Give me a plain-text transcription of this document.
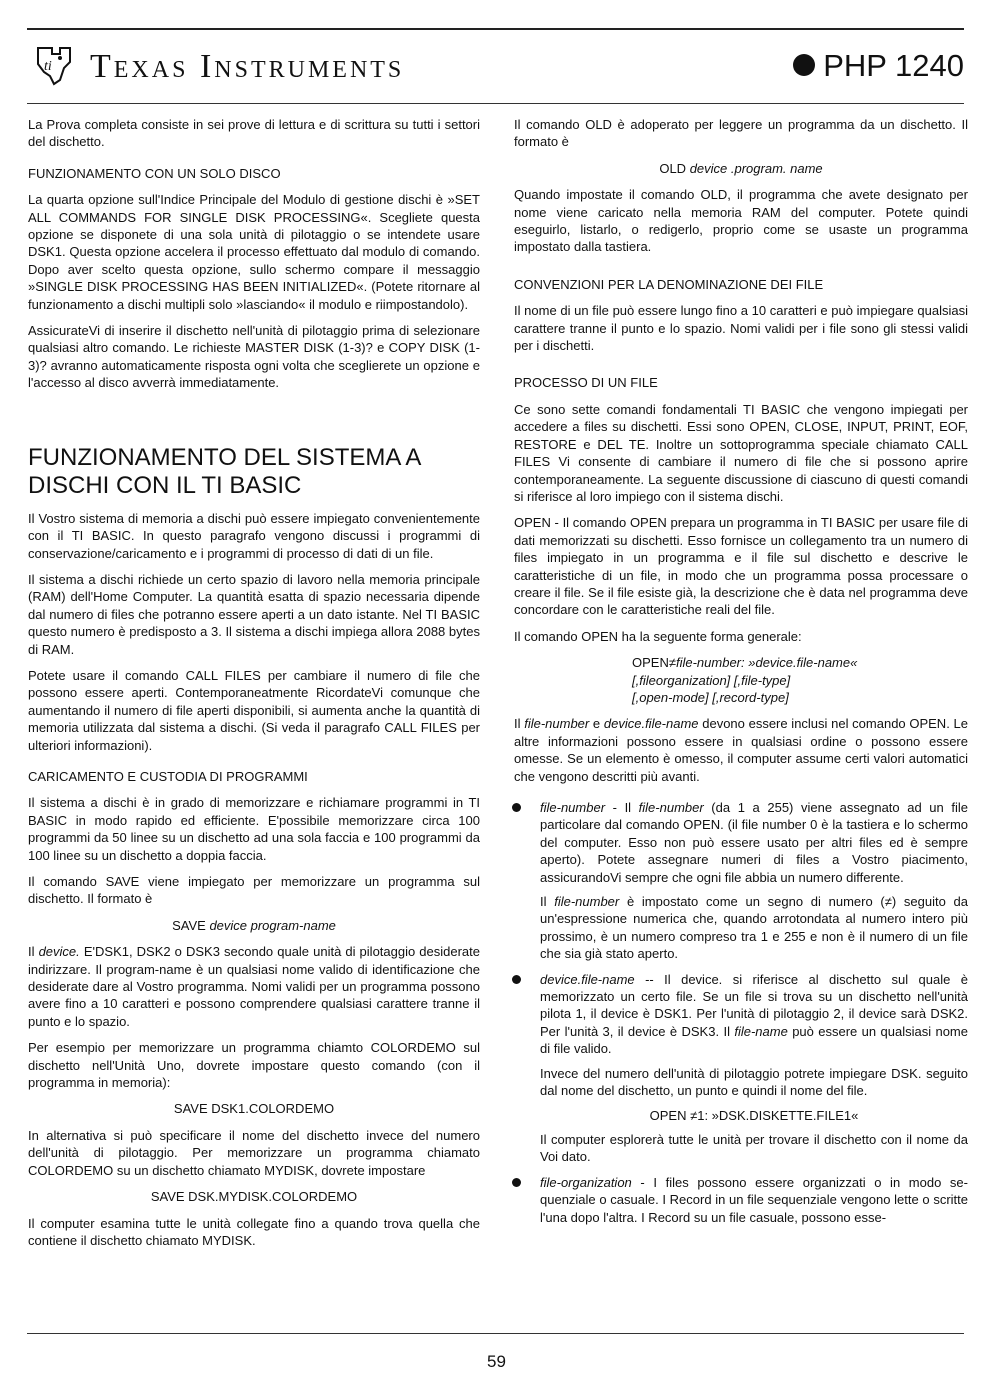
ti Texas Instruments	PHP 1240

La Prova completa consiste in sei prove di lettura e di scrittura su tutti i settori del dischetto.

FUNZIONAMENTO CON UN SOLO DISCO

La quarta opzione sull'Indice Principale del Modulo di gestione dischi è »SET ALL COMMANDS FOR SINGLE DISK PROCESSING«. Scegliete questa opzione se disponete di una sola unità di pilotaggio o se intendete usare DSK1. Questa opzione accelera il processo effettuato dal modulo di comando. Dopo aver scelto questa opzione, sullo schermo compare il messaggio »SINGLE DISK PROCESSING HAS BEEN INITIALIZED«. (Potete ritornare al funzionamento a dischi multipli solo »lasciando« il modulo e riimpostandolo).

AssicurateVi di inserire il dischetto nell'unità di pilotaggio prima di selezionare qualsiasi altro comando. Le richieste MASTER DISK (1-3)? e COPY DISK (1-3)? avranno automaticamente risposta ogni volta che sceglierete un opzione e l'accesso al disco avverrà immediatamente.

FUNZIONAMENTO DEL SISTEMA A DISCHI CON IL TI BASIC

Il Vostro sistema di memoria a dischi può essere impiegato convenientemente con il TI BASIC. In questo paragrafo vengono discussi i programmi di conservazione/caricamento e i programmi di processo di dati di un file.

Il sistema a dischi richiede un certo spazio di lavoro nella memoria principale (RAM) dell'Home Computer. La quantità esatta di spazio necessaria dipende dal numero di files che potranno essere aperti a un dato istante. Nel TI BASIC questo numero è predisposto a 3. Il sistema a dischi impiega allora 2088 bytes di RAM.

Potete usare il comando CALL FILES per cambiare il numero di file che possono essere aperti. Contemporaneatmente RicordateVi comunque che aumentando il numero di file aperti disponibili, si aumenta anche la quantità di memoria utilizzata dal sistema a dischi. (Si veda il paragrafo CALL FILES per ulteriori informazioni).

CARICAMENTO E CUSTODIA DI PROGRAMMI

Il sistema a dischi è in grado di memorizzare e richiamare programmi in TI BASIC in modo rapido ed efficiente. E'possibile memorizzare circa 100 programmi da 50 linee su un dischetto ad una sola faccia e 100 programmi da 100 linee su un dischetto a doppia faccia.

Il comando SAVE viene impiegato per memorizzare un programma sul dischetto. Il formato è

SAVE device program-name

Il device. E'DSK1, DSK2 o DSK3 secondo quale unità di pilotaggio desiderate indirizzare. Il program-name è un qualsiasi nome valido di identificazione che desiderate dare al Vostro programma. Nomi validi per un programma possono avere fino a 10 caratteri e possono comprendere qualsiasi carattere tranne il punto e lo spazio.

Per esempio per memorizzare un programma chiamto COLORDEMO sul dischetto nell'Unità Uno, dovrete impostare questo comando (con il programma in memoria):

SAVE DSK1.COLORDEMO

In alternativa si può specificare il nome del dischetto invece del numero dell'unità di pilotaggio. Per memorizzare un programma chiamato COLORDEMO su un dischetto chiamato MYDISK, dovrete impostare

SAVE DSK.MYDISK.COLORDEMO

Il computer esamina tutte le unità collegate fino a quando trova quella che contiene il dischetto chiamato MYDISK.

Il comando OLD è adoperato per leggere un programma da un dischetto. Il formato è

OLD device .program. name

Quando impostate il comando OLD, il programma che avete designato per nome viene caricato nella memoria RAM del computer. Potete quindi eseguirlo, listarlo, o redigerlo, proprio come se usaste un programma impostato dalla tastiera.

CONVENZIONI PER LA DENOMINAZIONE DEI FILE

Il nome di un file può essere lungo fino a 10 caratteri e può impiegare qualsiasi carattere tranne il punto e lo spazio. Nomi validi per i file sono gli stessi validi per i dischetti.

PROCESSO DI UN FILE

Ce sono sette comandi fondamentali TI BASIC che vengono impiegati per accedere a files su dischetti. Essi sono OPEN, CLOSE, INPUT, PRINT, EOF, RESTORE e DEL TE. Inoltre un sottoprogramma speciale chiamato CALL FILES Vi consente di cambiare il numero di file che si possono aprire contemporaneamente. La seguente discussione di ciascuno di questi comandi si riferisce al loro impiego con il sistema dischi.

OPEN - Il comando OPEN prepara un programma in TI BASIC per usare file di dati memorizzati su dischetti. Esso fornisce un collegamento tra un numero di files impiegato in un programma e il file sul dischetto e descrive le caratteristiche di un file, in modo che un programma possa processare o creare il file. Se il file esiste già, la descrizione che è data nel programma deve concordare con le caratteristiche reali del file.

Il comando OPEN ha la seguente forma generale:

OPEN≠file-number: »device.file-name«
[,fileorganization] [,file-type]
[,open-mode] [,record-type]

Il file-number e device.file-name devono essere inclusi nel comando OPEN. Le altre informazioni possono essere in qualsiasi ordine o possono essere omesse. Se un elemento è omesso, il computer assume certi valori automatici che vengono descritti più avanti.

file-number - Il file-number (da 1 a 255) viene assegnato ad un file particolare dal comando OPEN. (il file number 0 è la tastiera e lo schermo del computer. Esso non può essere usato per altri files ed è sempre aperto). Potete assegnare numeri di files a Vostro piacimento, assicurandoVi sempre che ogni file abbia un numero differente.

Il file-number è impostato come un segno di numero (≠) seguito da un'espressione numerica che, quando arrotondata al numero intero più prossimo, è un numero compreso tra 1 e 255 e non è il numero di un file che sia già stato aperto.

device.file-name -- Il device. si riferisce al dischetto sul quale è memorizzato un certo file. Se un file si trova su un dischetto nell'unità pilota 1, il device è DSK1. Per l'unità di pilotaggio 2, il device sarà DSK2. Per l'unità 3, il device è DSK3. Il file-name può essere un qualsiasi nome di file valido.

Invece del numero dell'unità di pilotaggio potrete impiegare DSK. seguito dal nome del dischetto, un punto e quindi il nome del file.

OPEN ≠1: »DSK.DISKETTE.FILE1«

Il computer esplorerà tutte le unità per trovare il dischetto con il nome da Voi dato.

file-organization - I files possono essere organizzati o in modo sequenziale o casuale. I Record in un file sequenziale vengono lette o scritte l'una dopo l'altra. I Record su un file casuale, possono esse-

59
